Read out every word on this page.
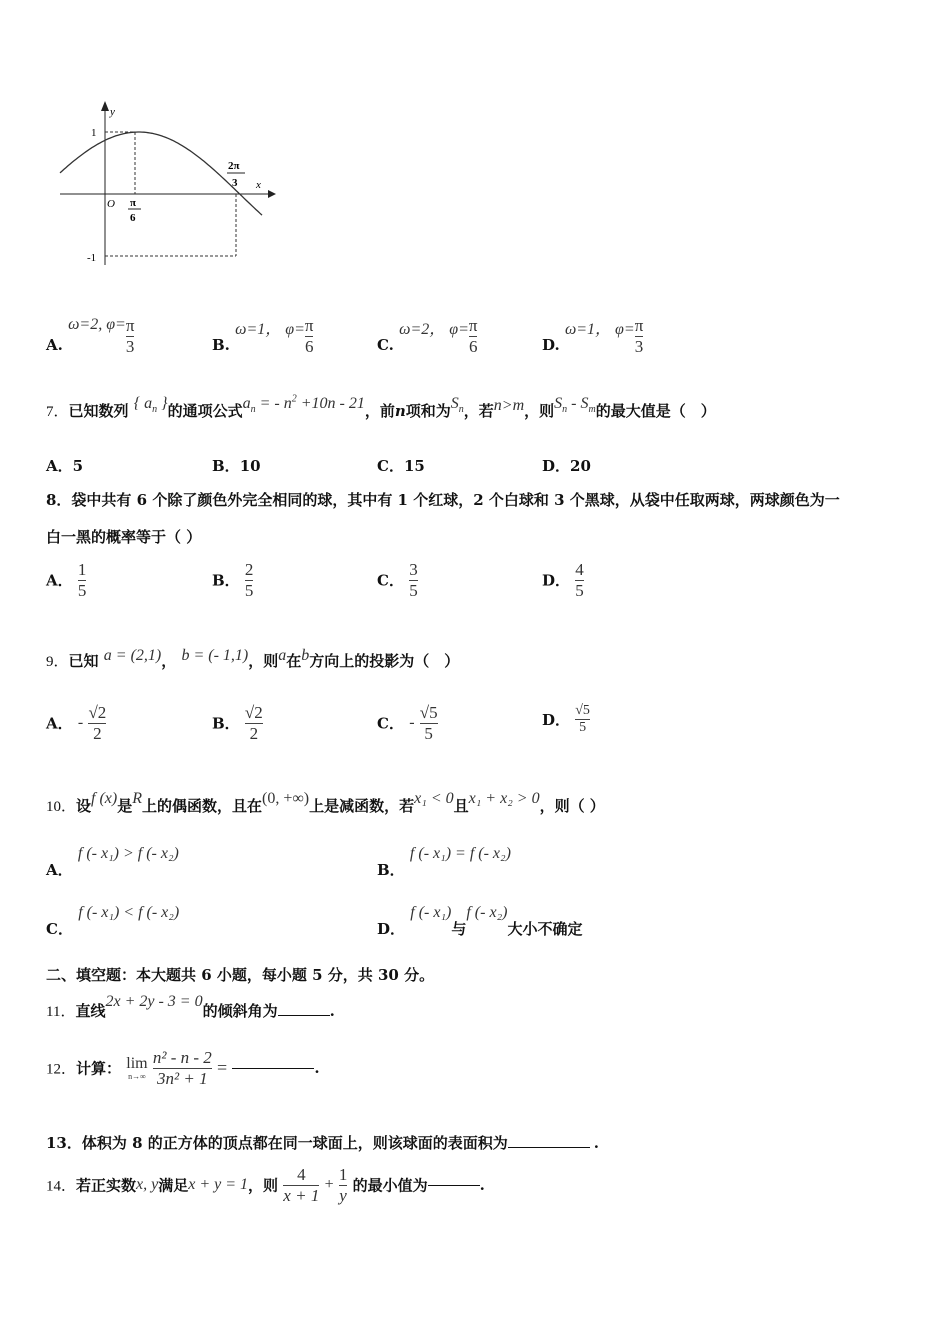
y
x
O
1
-1
π
6
2π
3
A. ω=2, $\varphi= \frac{\pi}{3}$	B. ω=1， $\varphi= \frac{\pi}{6}$	C. ω=2， $\varphi= \frac{\pi}{6}$	D. ω=1， $\varphi= \frac{\pi}{3}$
7．已知数列 { $a_n$ }的通项公式$a_n$ = - $n^2 +10n - 21$，前n项和为$S_n$，若n>m，则$S_n - S_m$的最大值是（　）
A．5	B．10	C．15	D．20
8．袋中共有 6 个除了颜色外完全相同的球，其中有 1 个红球，2 个白球和 3 个黑球，从袋中任取两球，两球颜色为一
白一黑的概率等于（ ）
A． $\frac{1}{5}$	B． $\frac{2}{5}$	C． $\frac{3}{5}$	D． $\frac{4}{5}$
9．已知 a = (2,1)， b = (- 1,1)，则a在b方向上的投影为（　）
A． - $\frac{√2}{2}$	B． $\frac{√2}{2}$	C． - $\frac{√5}{5}$	D． $\frac{√5}{5}$
10．设f (x)是R上的偶函数，且在(0, +∞)上是减函数，若x₁ < 0且x₁ + x₂ > 0，则（ ）
A． f (- x₁) > f (- x₂)
B． f (- x₁) = f (- x₂)
C． f (- x₁) < f (- x₂)
D． f (- x₁)与f (- x₂)大小不确定
二、填空题：本大题共 6 小题，每小题 5 分，共 30 分。
11．直线2x + 2y - 3 = 0的倾斜角为	.
12．计算： lim
n→∞
$\frac{\text{n² - n - 2}}{\text{3n² + 1}}$ =	.
13．体积为 8 的正方体的顶点都在同一球面上，则该球面的表面积为	.
14．若正实数x, y满足x + y = 1，则 $\frac{4}{x + 1} + \frac{1}{y}$ 的最小值为	.
